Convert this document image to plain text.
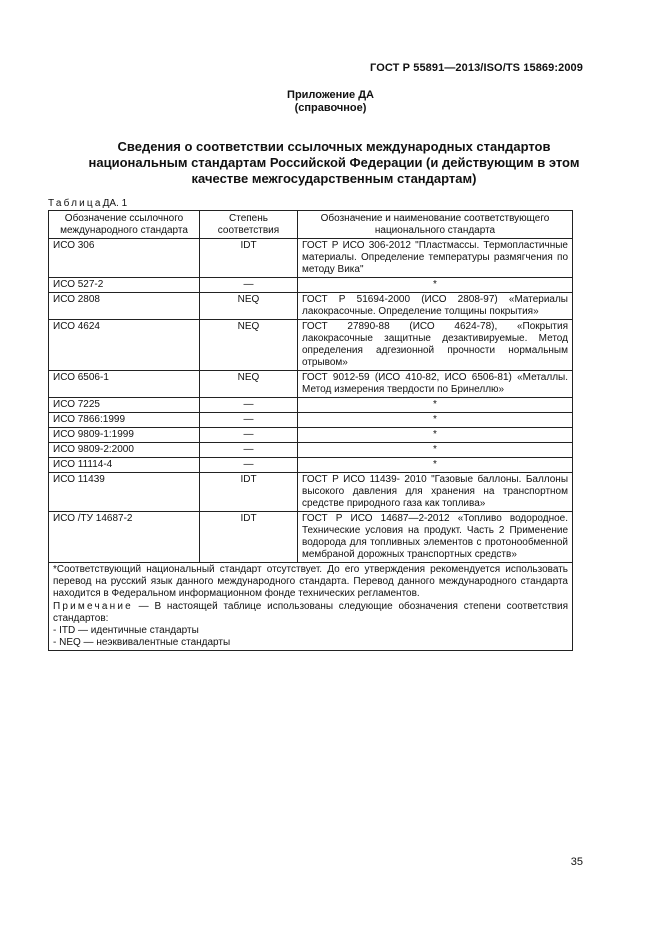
ГОСТ Р 55891—2013/ISO/TS 15869:2009
Приложение ДА
(справочное)
Сведения о соответствии ссылочных международных стандартов
национальным стандартам Российской Федерации (и действующим в этом
качестве межгосударственным стандартам)
ТаблицаДА. 1
Обозначение ссылочного международного стандарта	Степень соответствия	Обозначение и наименование соответствующего национального стандарта
ИСО 306	IDT	ГОСТ Р ИСО 306-2012 "Пластмассы. Термопластичные материалы. Определение температуры размягчения по методу Вика"
ИСО 527-2	—	*
ИСО 2808	NEQ	ГОСТ Р 51694-2000 (ИСО 2808-97) «Материалы лакокрасочные. Определение толщины покрытия»
ИСО 4624	NEQ	ГОСТ 27890-88 (ИСО 4624-78), «Покрытия лакокрасочные защитные дезактивируемые. Метод определения адгезионной прочности нормальным отрывом»
ИСО 6506-1	NEQ	ГОСТ 9012-59 (ИСО 410-82, ИСО 6506-81) «Металлы. Метод измерения твердости по Бринеллю»
ИСО 7225	—	*
ИСО 7866:1999	—	*
ИСО 9809-1:1999	—	*
ИСО 9809-2:2000	—	*
ИСО 11114-4	—	*
ИСО 11439	IDT	ГОСТ Р ИСО 11439- 2010 "Газовые баллоны. Баллоны высокого давления для хранения на транспортном средстве природного газа как топлива»
ИСО /ТУ 14687-2	IDT	ГОСТ Р ИСО 14687—2-2012 «Топливо водородное. Технические условия на продукт. Часть 2 Применение водорода для топливных элементов с протонообменной мембраной дорожных транспортных средств»

*Соответствующий национальный стандарт отсутствует. До его утверждения рекомендуется использовать перевод на русский язык данного международного стандарта. Перевод данного международного стандарта находится в Федеральном информационном фонде технических регламентов.

Примечание — В настоящей таблице использованы следующие обозначения степени соответствия стандартов:

- ITD — идентичные стандарты

- NEQ — неэквивалентные стандарты		

35
